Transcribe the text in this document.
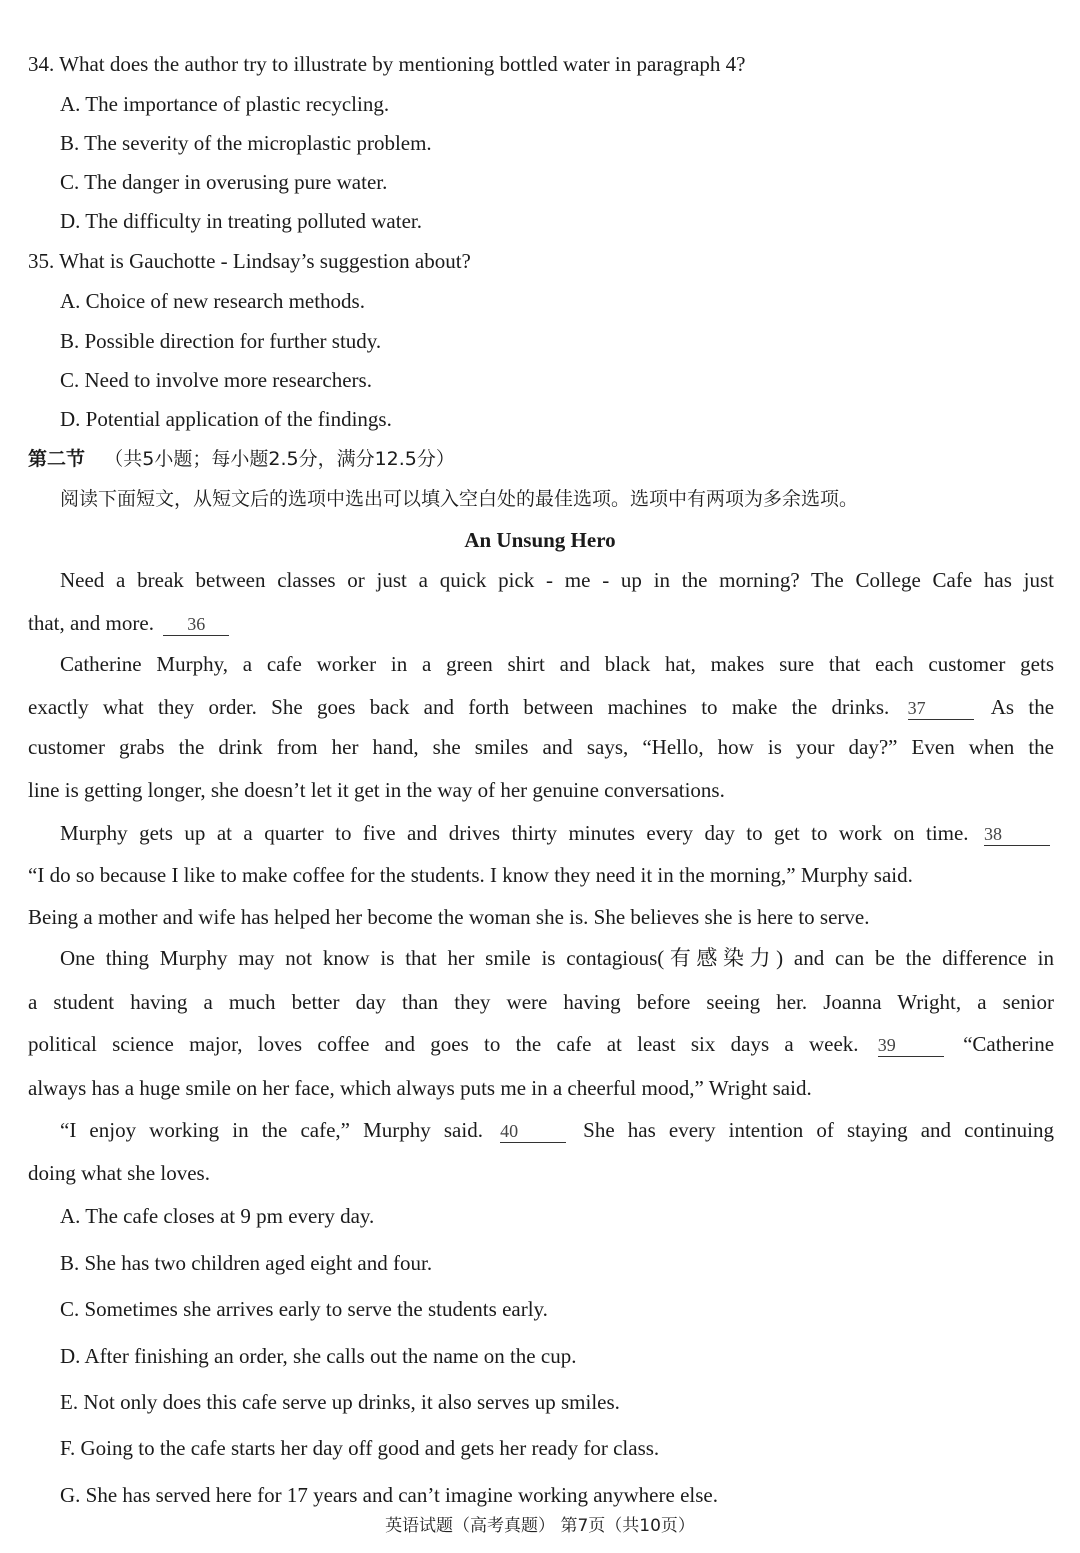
34. What does the author try to illustrate by mentioning bottled water in paragraph 4?
A. The importance of plastic recycling.
B. The severity of the microplastic problem.
C. The danger in overusing pure water.
D. The difficulty in treating polluted water.
35. What is Gauchotte - Lindsay’s suggestion about?
A. Choice of new research methods.
B. Possible direction for further study.
C. Need to involve more researchers.
D. Potential application of the findings.
第二节 （共5小题；每小题2.5分，满分12.5分）
阅读下面短文，从短文后的选项中选出可以填入空白处的最佳选项。选项中有两项为多余选项。
An Unsung Hero
Need a break between classes or just a quick pick - me - up in the morning? The College Cafe has just
that, and more. 36
Catherine Murphy, a cafe worker in a green shirt and black hat, makes sure that each customer gets
exactly what they order. She goes back and forth between machines to make the drinks. 37	As the
customer grabs the drink from her hand, she smiles and says, “Hello, how is your day?” Even when the
line is getting longer, she doesn’t let it get in the way of her genuine conversations.
Murphy gets up at a quarter to five and drives thirty minutes every day to get to work on time. 38
“I do so because I like to make coffee for the students. I know they need it in the morning,” Murphy said.
Being a mother and wife has helped her become the woman she is. She believes she is here to serve.
One thing Murphy may not know is that her smile is contagious(有感染力) and can be the difference in
a student having a much better day than they were having before seeing her. Joanna Wright, a senior
political science major, loves coffee and goes to the cafe at least six days a week. 39	“Catherine
always has a huge smile on her face, which always puts me in a cheerful mood,” Wright said.
“I enjoy working in the cafe,” Murphy said. 40	She has every intention of staying and continuing
doing what she loves.
A. The cafe closes at 9 pm every day.
B. She has two children aged eight and four.
C. Sometimes she arrives early to serve the students early.
D. After finishing an order, she calls out the name on the cup.
E. Not only does this cafe serve up drinks, it also serves up smiles.
F. Going to the cafe starts her day off good and gets her ready for class.
G. She has served here for 17 years and can’t imagine working anywhere else.
英语试题（高考真题） 第7页（共10页）
